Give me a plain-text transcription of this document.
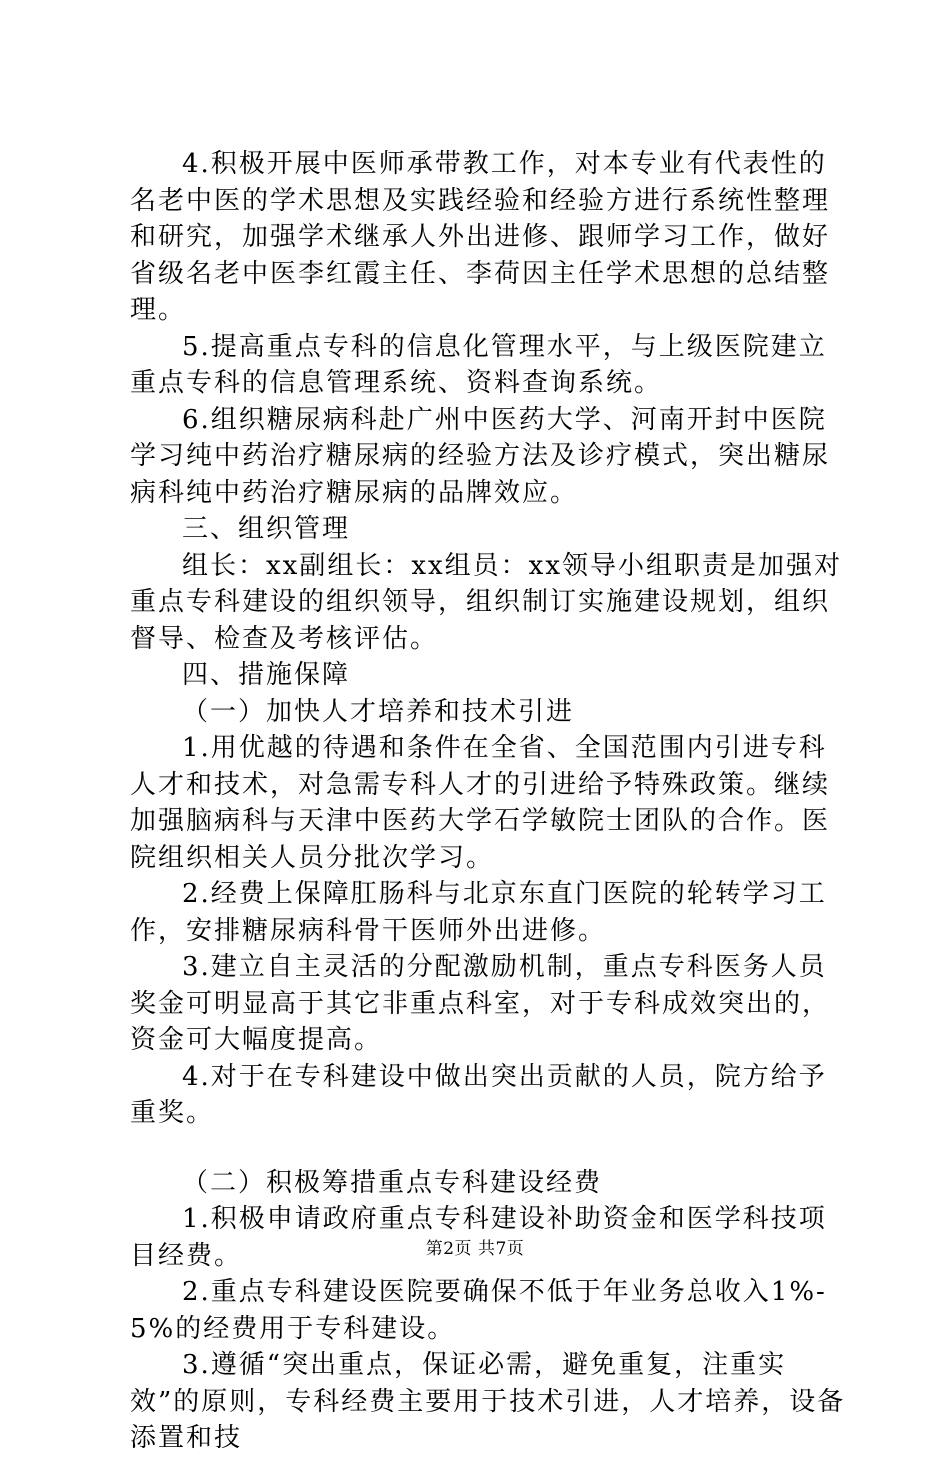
4.积极开展中医师承带教工作，对本专业有代表性的名老中医的学术思想及实践经验和经验方进行系统性整理和研究，加强学术继承人外出进修、跟师学习工作，做好省级名老中医李红霞主任、李荷因主任学术思想的总结整理。

5.提高重点专科的信息化管理水平，与上级医院建立重点专科的信息管理系统、资料查询系统。

6.组织糖尿病科赴广州中医药大学、河南开封中医院学习纯中药治疗糖尿病的经验方法及诊疗模式，突出糖尿病科纯中药治疗糖尿病的品牌效应。

三、组织管理

组长：xx副组长：xx组员：xx领导小组职责是加强对重点专科建设的组织领导，组织制订实施建设规划，组织督导、检查及考核评估。

四、措施保障

（一）加快人才培养和技术引进

1.用优越的待遇和条件在全省、全国范围内引进专科人才和技术，对急需专科人才的引进给予特殊政策。继续加强脑病科与天津中医药大学石学敏院士团队的合作。医院组织相关人员分批次学习。

2.经费上保障肛肠科与北京东直门医院的轮转学习工作，安排糖尿病科骨干医师外出进修。

3.建立自主灵活的分配激励机制，重点专科医务人员奖金可明显高于其它非重点科室，对于专科成效突出的，资金可大幅度提高。

4.对于在专科建设中做出突出贡献的人员，院方给予重奖。

（二）积极筹措重点专科建设经费

1.积极申请政府重点专科建设补助资金和医学科技项目经费。

2.重点专科建设医院要确保不低于年业务总收入1%-5%的经费用于专科建设。

3.遵循“突出重点，保证必需，避免重复，注重实效”的原则，专科经费主要用于技术引进，人才培养，设备添置和技

第2页 共7页
